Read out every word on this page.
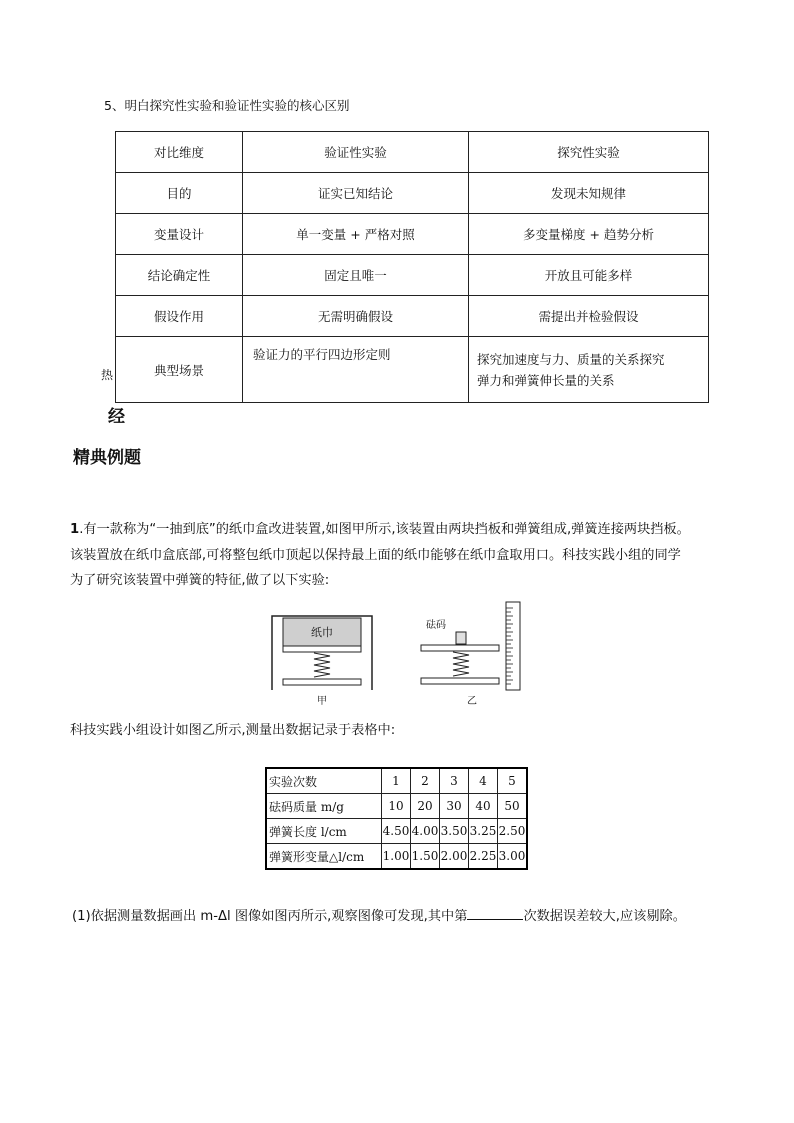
5、明白探究性实验和验证性实验的核心区别
对比维度	验证性实验	探究性实验
目的	证实已知结论	发现未知规律
变量设计	单一变量 + 严格对照	多变量梯度 + 趋势分析
结论确定性	固定且唯一	开放且可能多样
假设作用	无需明确假设	需提出并检验假设
典型场景	验证力的平行四边形定则	探究加速度与力、质量的关系探究
弹力和弹簧伸长量的关系
热
经
精典例题
1.有一款称为“一抽到底”的纸巾盒改进装置,如图甲所示,该装置由两块挡板和弹簧组成,弹簧连接两块挡板。
该装置放在纸巾盒底部,可将整包纸巾顶起以保持最上面的纸巾能够在纸巾盒取用口。科技实践小组的同学
为了研究该装置中弹簧的特征,做了以下实验:
纸巾
甲
砝码
乙
科技实践小组设计如图乙所示,测量出数据记录于表格中:
实验次数	1	2	3	4	5
砝码质量 m/g	10	20	30	40	50
弹簧长度 l/cm	4.50	4.00	3.50	3.25	2.50
弹簧形变量△l/cm	1.00	1.50	2.00	2.25	3.00
(1)依据测量数据画出 m-Δl 图像如图丙所示,观察图像可发现,其中第	次数据误差较大,应该剔除。
